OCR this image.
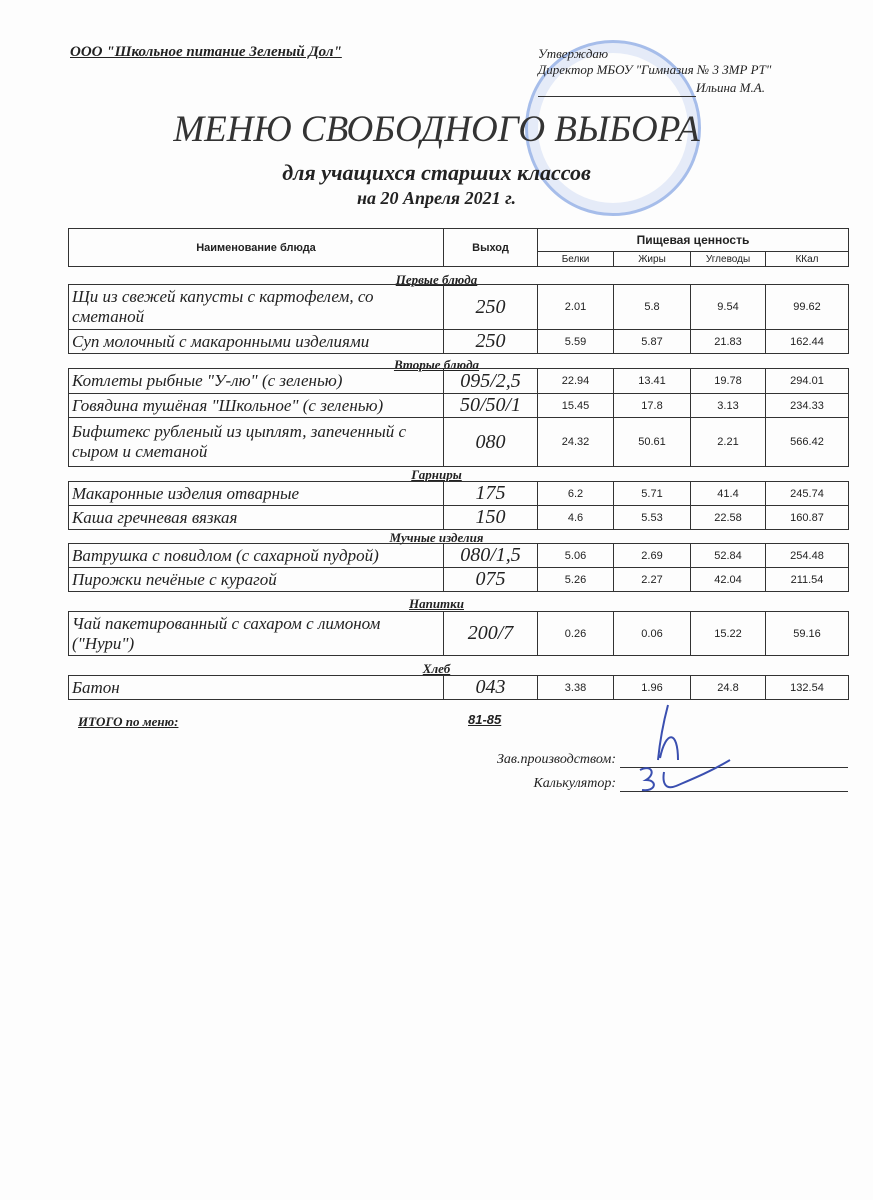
ООО "Школьное питание Зеленый Дол"	Утверждаю
Директор МБОУ "Гимназия № 3 ЗМР РТ"
Ильина М.А.
МЕНЮ СВОБОДНОГО ВЫБОРА
для учащихся старших классов
на 20 Апреля 2021 г.
Наименование блюда	Выход	Пищевая ценность			
		Белки	Жиры	Углеводы	ККал
Первые блюда
Щи из свежей капусты с картофелем, со сметаной	250	2.01	5.8	9.54	99.62
Суп молочный с макаронными изделиями	250	5.59	5.87	21.83	162.44
Вторые блюда
Котлеты рыбные "У-лю" (с зеленью)	095/2,5	22.94	13.41	19.78	294.01
Говядина тушёная "Школьное" (с зеленью)	50/50/1	15.45	17.8	3.13	234.33
Бифштекс рубленый из цыплят, запеченный с сыром и сметаной	080	24.32	50.61	2.21	566.42
Гарниры
Макаронные изделия отварные	175	6.2	5.71	41.4	245.74
Каша гречневая вязкая	150	4.6	5.53	22.58	160.87
Мучные изделия
Ватрушка с повидлом (с сахарной пудрой)	080/1,5	5.06	2.69	52.84	254.48
Пирожки печёные с курагой	075	5.26	2.27	42.04	211.54
Напитки
Чай пакетированный с сахаром с лимоном ("Нури")	200/7	0.26	0.06	15.22	59.16
Хлеб
Батон	043	3.38	1.96	24.8	132.54
ИТОГО по меню:	81-85
Зав.производством:
Калькулятор:
